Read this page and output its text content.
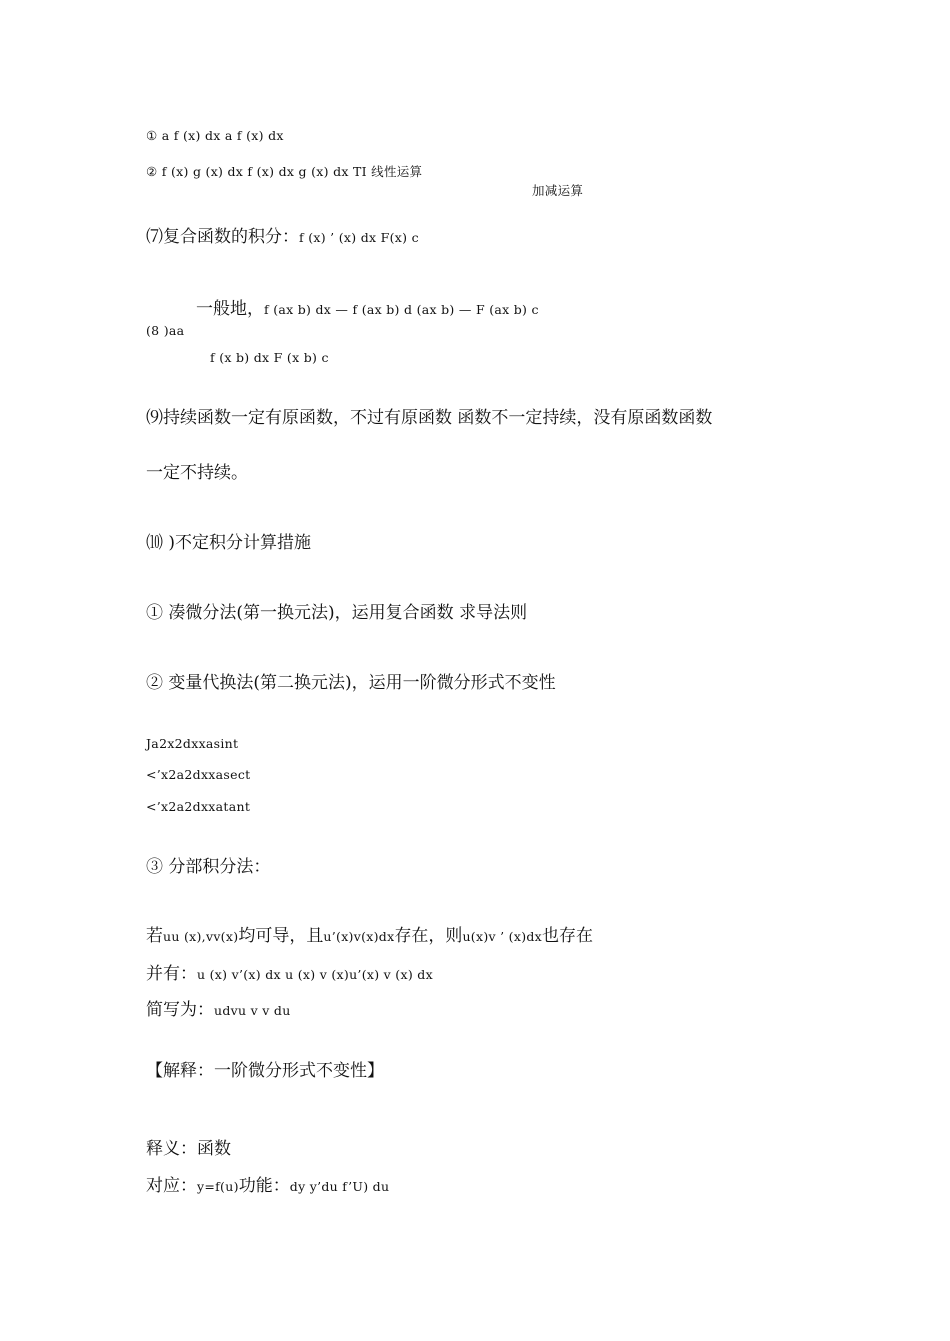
① a f (x) dx a f (x) dx
② f (x) g (x) dx f (x) dx g (x) dx TI 线性运算
加减运算
⑺复合函数的积分：f (x) ’ (x) dx F(x) c
一般地，f (ax b) dx — f (ax b) d (ax b) — F (ax b) c
(8 )aa
f (x b) dx F (x b) c
⑼持续函数一定有原函数，不过有原函数 函数不一定持续，没有原函数函数
一定不持续。
⑽ )不定积分计算措施
① 凑微分法(第一换元法)，运用复合函数 求导法则
② 变量代换法(第二换元法)，运用一阶微分形式不变性
Ja2x2dxxasint
<’x2a2dxxasect
<’x2a2dxxatant
③ 分部积分法：
若uu (x),vv(x)均可导，且u’(x)v(x)dx存在，则u(x)v ’ (x)dx也存在
并有：u (x) v’(x) dx u (x) v (x)u’(x) v (x) dx
简写为：udvu v v du
【解释：一阶微分形式不变性】
释义：函数
对应：y=f(u)功能：dy y’du f’U) du
